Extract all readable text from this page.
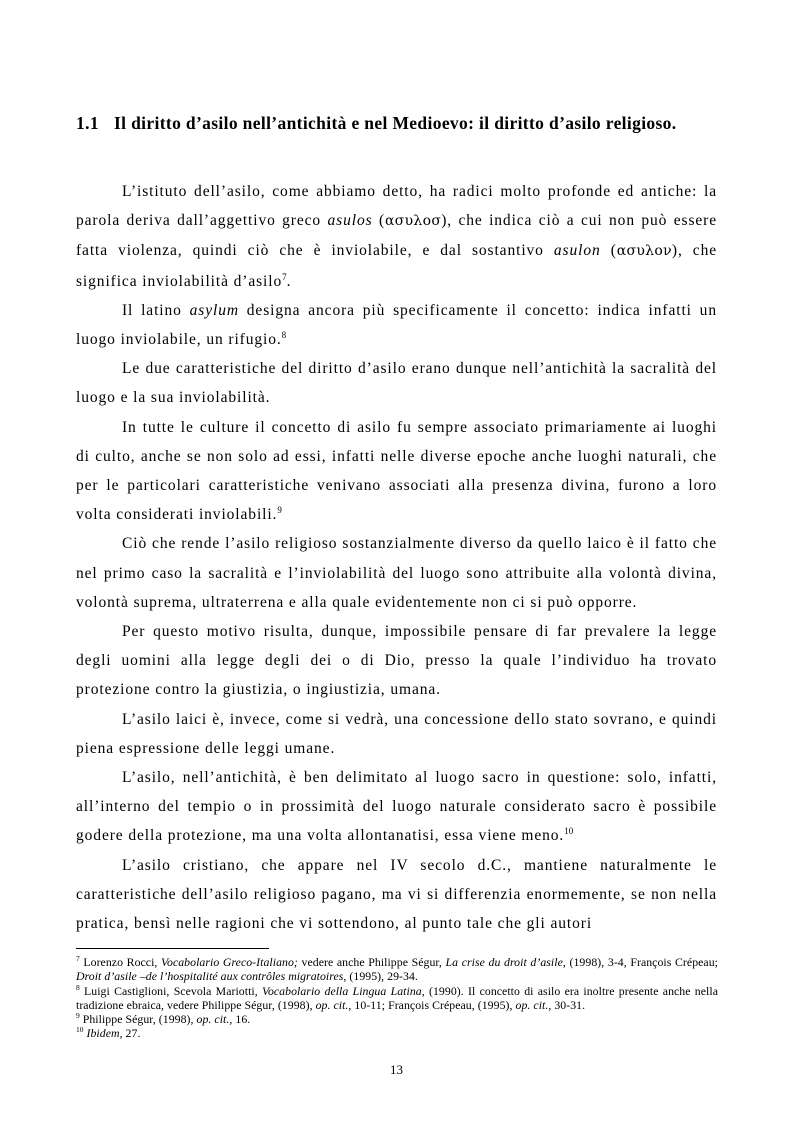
1.1 Il diritto d’asilo nell’antichità e nel Medioevo: il diritto d’asilo religioso.

L’istituto dell’asilo, come abbiamo detto, ha radici molto profonde ed antiche: la parola deriva dall’aggettivo greco asulos (ασυλοσ), che indica ciò a cui non può essere fatta violenza, quindi ciò che è inviolabile, e dal sostantivo asulon (ασυλον), che significa inviolabilità d’asilo$^7$.

Il latino asylum designa ancora più specificamente il concetto: indica infatti un luogo inviolabile, un rifugio.$^8$

Le due caratteristiche del diritto d’asilo erano dunque nell’antichità la sacralità del luogo e la sua inviolabilità.

In tutte le culture il concetto di asilo fu sempre associato primariamente ai luoghi di culto, anche se non solo ad essi, infatti nelle diverse epoche anche luoghi naturali, che per le particolari caratteristiche venivano associati alla presenza divina, furono a loro volta considerati inviolabili.$^9$

Ciò che rende l’asilo religioso sostanzialmente diverso da quello laico è il fatto che nel primo caso la sacralità e l’inviolabilità del luogo sono attribuite alla volontà divina, volontà suprema, ultraterrena e alla quale evidentemente non ci si può opporre.

Per questo motivo risulta, dunque, impossibile pensare di far prevalere la legge degli uomini alla legge degli dei o di Dio, presso la quale l’individuo ha trovato protezione contro la giustizia, o ingiustizia, umana.

L’asilo laici è, invece, come si vedrà, una concessione dello stato sovrano, e quindi piena espressione delle leggi umane.

L’asilo, nell’antichità, è ben delimitato al luogo sacro in questione: solo, infatti, all’interno del tempio o in prossimità del luogo naturale considerato sacro è possibile godere della protezione, ma una volta allontanatisi, essa viene meno.$^{10}$

L’asilo cristiano, che appare nel IV secolo d.C., mantiene naturalmente le caratteristiche dell’asilo religioso pagano, ma vi si differenzia enormemente, se non nella pratica, bensì nelle ragioni che vi sottendono, al punto tale che gli autori

$^7$ Lorenzo Rocci, Vocabolario Greco-Italiano; vedere anche Philippe Ségur, La crise du droit d’asile, (1998), 3-4, François Crépeau; Droit d’asile –de l’hospitalité aux contrôles migratoires, (1995), 29-34.

$^8$ Luigi Castiglioni, Scevola Mariotti, Vocabolario della Lingua Latina, (1990). Il concetto di asilo era inoltre presente anche nella tradizione ebraica, vedere Philippe Ségur, (1998), op. cit., 10-11; François Crépeau, (1995), op. cit., 30-31.

$^9$ Philippe Ségur, (1998), op. cit., 16.

$^{10}$ Ibidem, 27.

13
